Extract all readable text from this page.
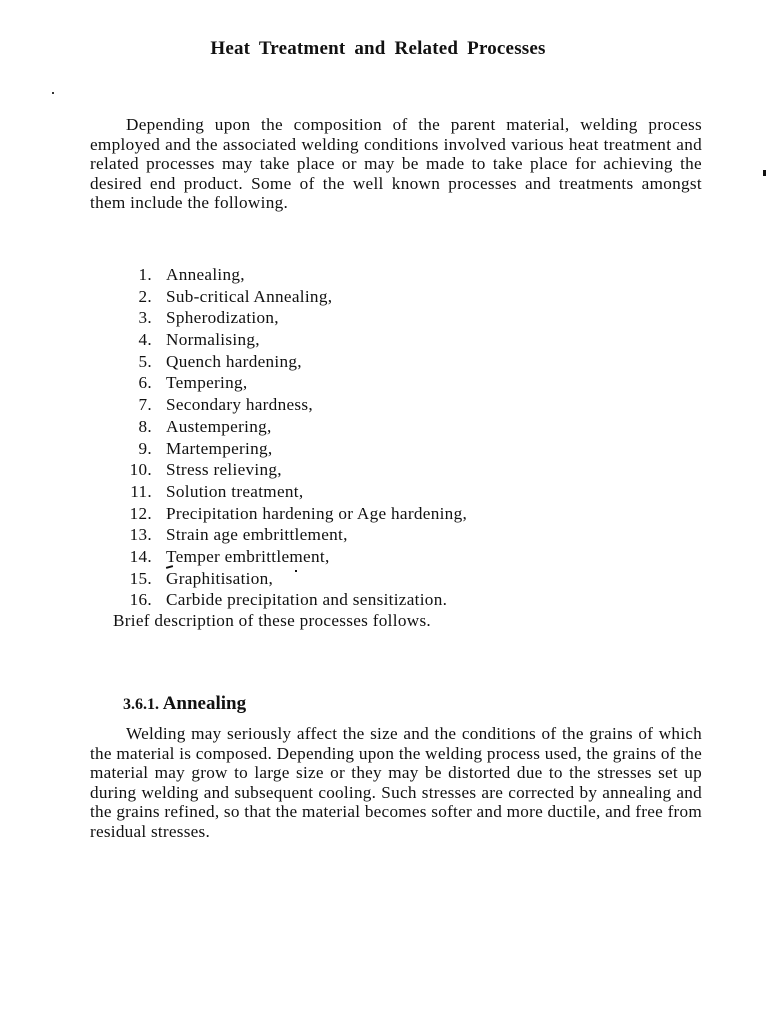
Heat Treatment and Related Processes

Depending upon the composition of the parent material, welding process employed and the associated welding conditions involved various heat treatment and related processes may take place or may be made to take place for achieving the desired end product. Some of the well known processes and treatments amongst them include the following.

1. Annealing,
2. Sub-critical Annealing,
3. Spherodization,
4. Normalising,
5. Quench hardening,
6. Tempering,
7. Secondary hardness,
8. Austempering,
9. Martempering,
10. Stress relieving,
11. Solution treatment,
12. Precipitation hardening or Age hardening,
13. Strain age embrittlement,
14. Temper embrittlement,
15. Graphitisation,
16. Carbide precipitation and sensitization.
Brief description of these processes follows.
3.6.1. Annealing

Welding may seriously affect the size and the conditions of the grains of which the material is composed. Depending upon the welding process used, the grains of the material may grow to large size or they may be distorted due to the stresses set up during welding and subsequent cooling. Such stresses are corrected by annealing and the grains refined, so that the material becomes softer and more ductile, and free from residual stresses.
